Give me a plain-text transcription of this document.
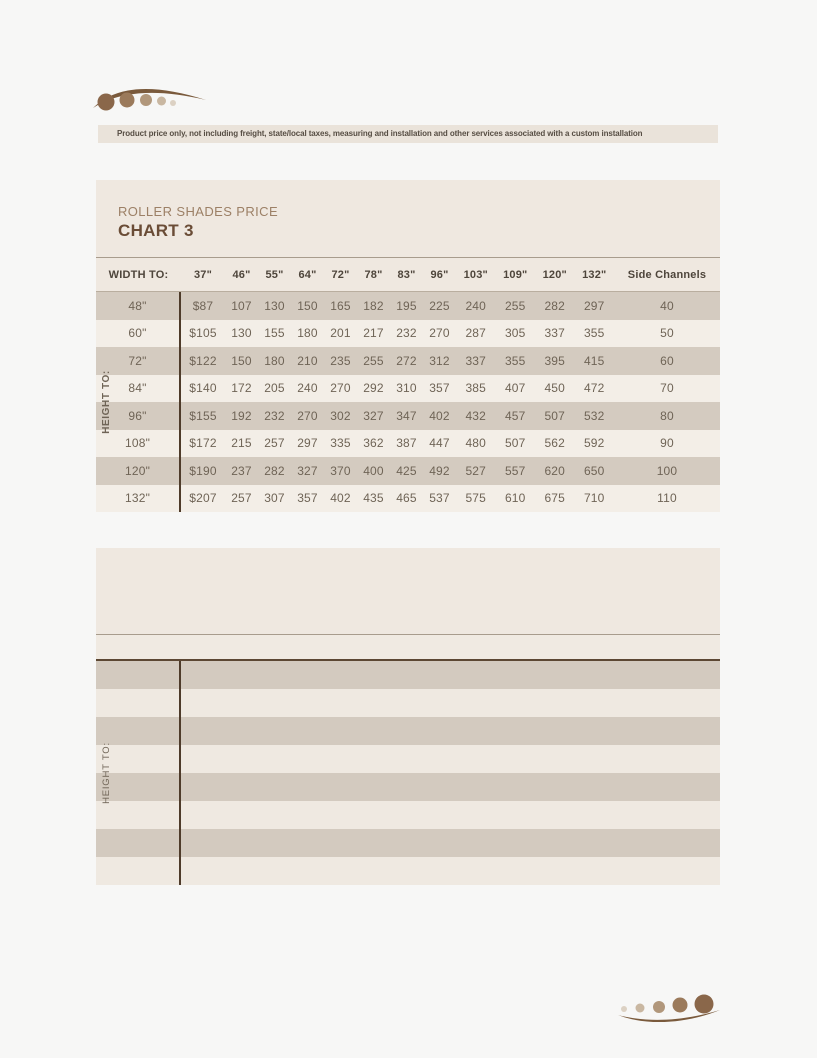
Product price only, not including freight, state/local taxes, measuring and installation and other services associated with a custom installation
ROLLER SHADES PRICE
CHART 3
WIDTH TO:	37"	46"	55"	64"	72"	78"	83"	96"	103"	109"	120"	132"	Side Channels
HEIGHT TO:
48"	$87	107	130	150	165	182	195	225	240	255	282	297	40
60"	$105	130	155	180	201	217	232	270	287	305	337	355	50
72"	$122	150	180	210	235	255	272	312	337	355	395	415	60
84"	$140	172	205	240	270	292	310	357	385	407	450	472	70
96"	$155	192	232	270	302	327	347	402	432	457	507	532	80
108"	$172	215	257	297	335	362	387	447	480	507	562	592	90
120"	$190	237	282	327	370	400	425	492	527	557	620	650	100
132"	$207	257	307	357	402	435	465	537	575	610	675	710	110
HEIGHT TO:
